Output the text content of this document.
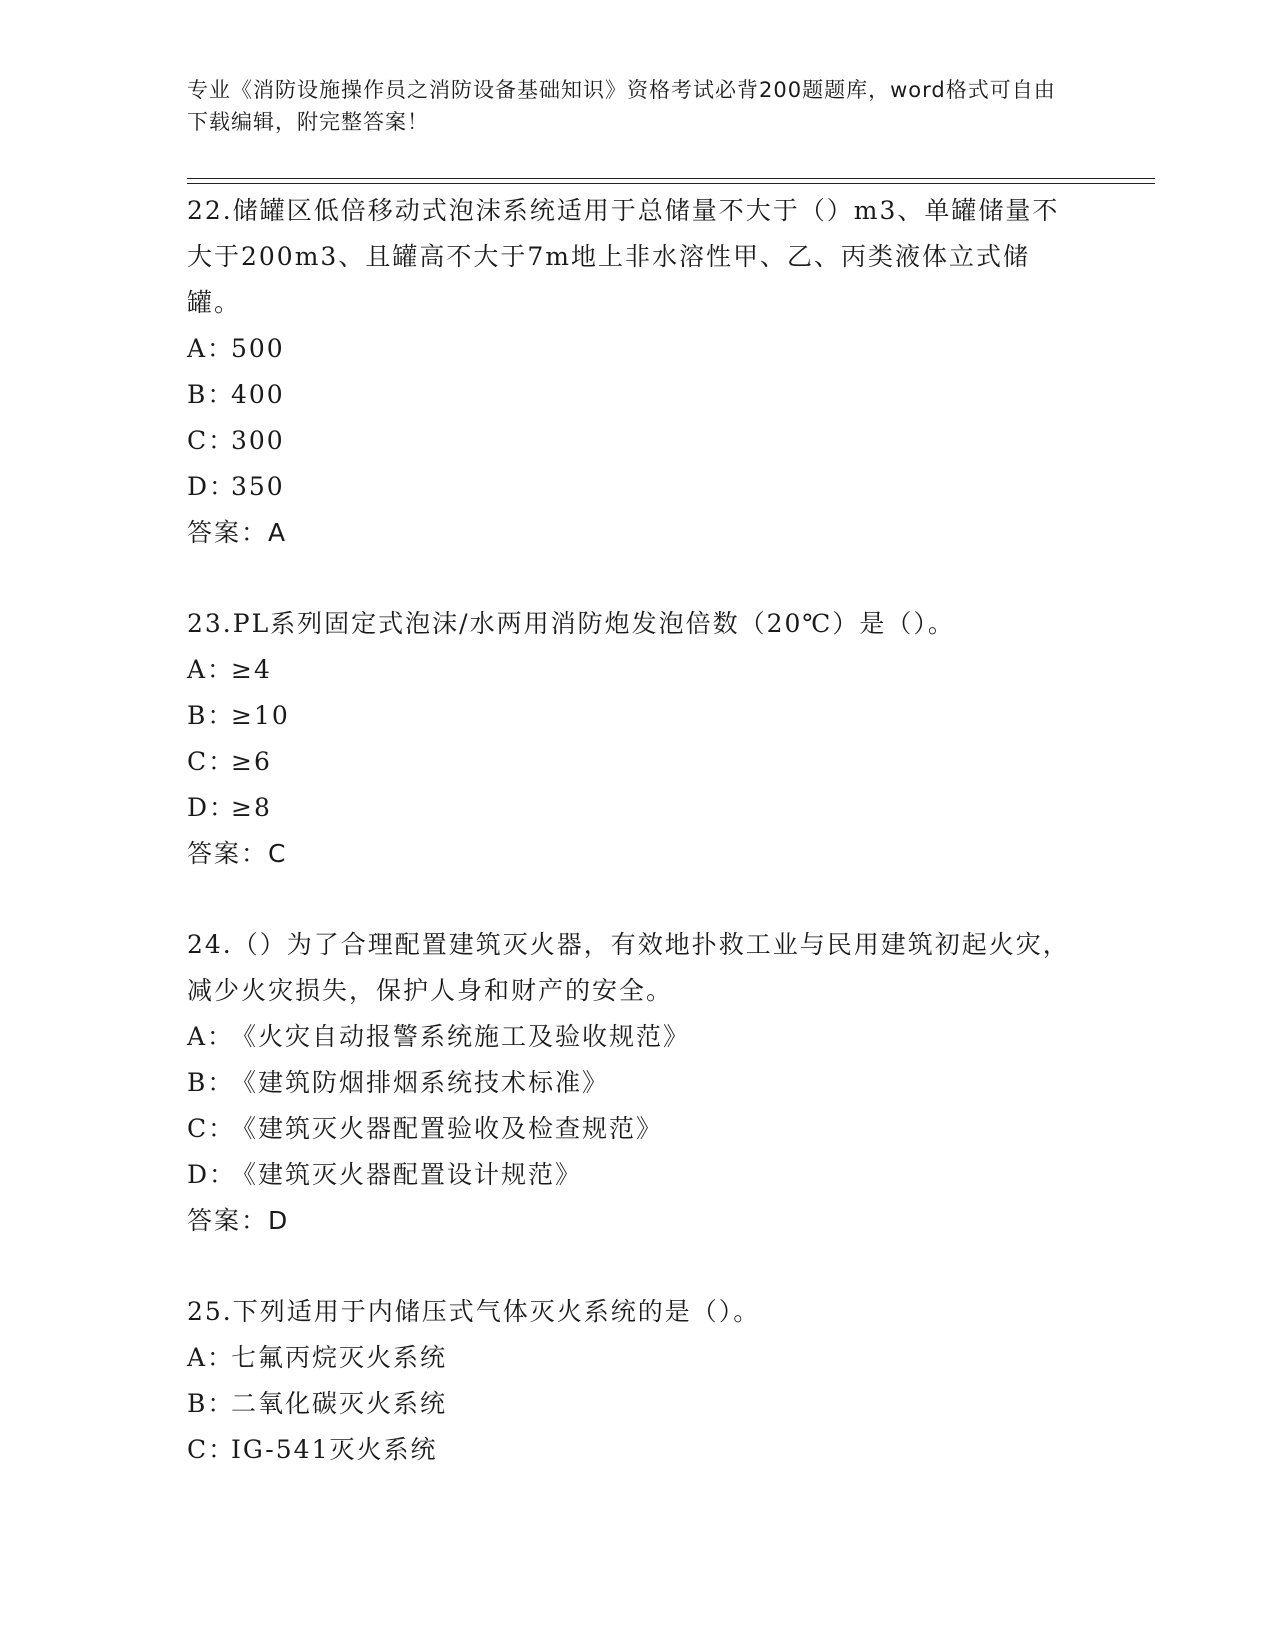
专业《消防设施操作员之消防设备基础知识》资格考试必背200题题库，word格式可自由下载编辑，附完整答案！

22.储罐区低倍移动式泡沫系统适用于总储量不大于（）m3、单罐储量不大于200m3、且罐高不大于7m地上非水溶性甲、乙、丙类液体立式储罐。

A：500

B：400

C：300

D：350

答案：A

23.PL系列固定式泡沫/水两用消防炮发泡倍数（20℃）是（）。

A：≥4

B：≥10

C：≥6

D：≥8

答案：C

24.（）为了合理配置建筑灭火器，有效地扑救工业与民用建筑初起火灾，减少火灾损失，保护人身和财产的安全。

A：《火灾自动报警系统施工及验收规范》

B：《建筑防烟排烟系统技术标准》

C：《建筑灭火器配置验收及检查规范》

D：《建筑灭火器配置设计规范》

答案：D

25.下列适用于内储压式气体灭火系统的是（）。

A：七氟丙烷灭火系统

B：二氧化碳灭火系统

C：IG-541灭火系统
